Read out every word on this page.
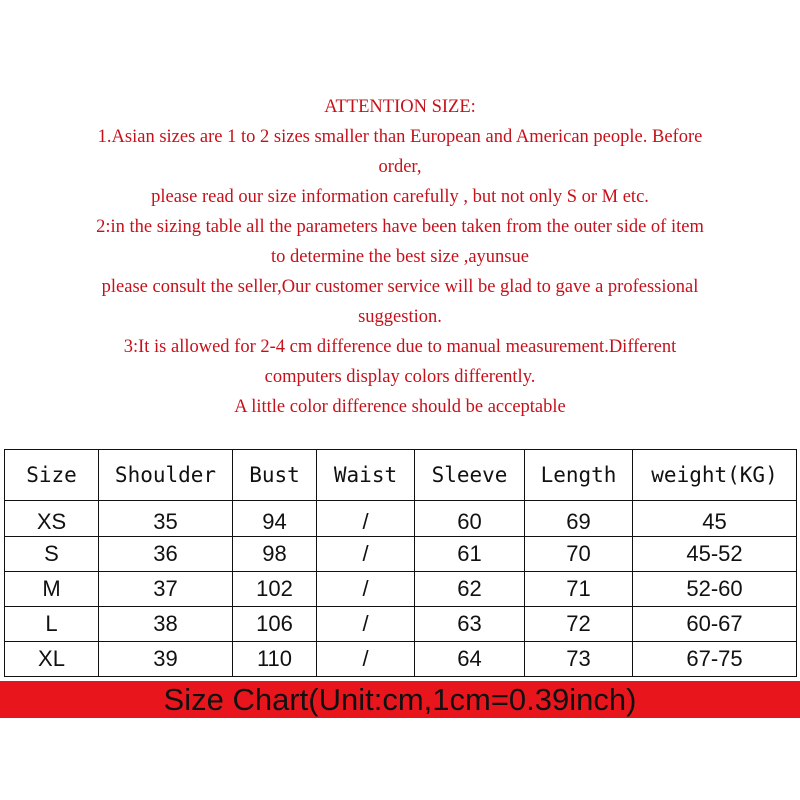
ATTENTION SIZE:
1.Asian sizes are 1 to 2 sizes smaller than European and American people. Before
order,
please read our size information carefully , but not only S or M etc.
2:in the sizing table all the parameters have been taken from the outer side of item
to determine the best size ,ayunsue
please consult the seller,Our customer service will be glad to gave a professional
suggestion.
3:It is allowed for 2-4 cm difference due to manual measurement.Different
computers display colors differently.
A little color difference should be acceptable
Size	Shoulder	Bust	Waist	Sleeve	Length	weight(KG)
XS	35	94	/	60	69	45
S	36	98	/	61	70	45-52
M	37	102	/	62	71	52-60
L	38	106	/	63	72	60-67
XL	39	110	/	64	73	67-75
Size Chart(Unit:cm,1cm=0.39inch)
